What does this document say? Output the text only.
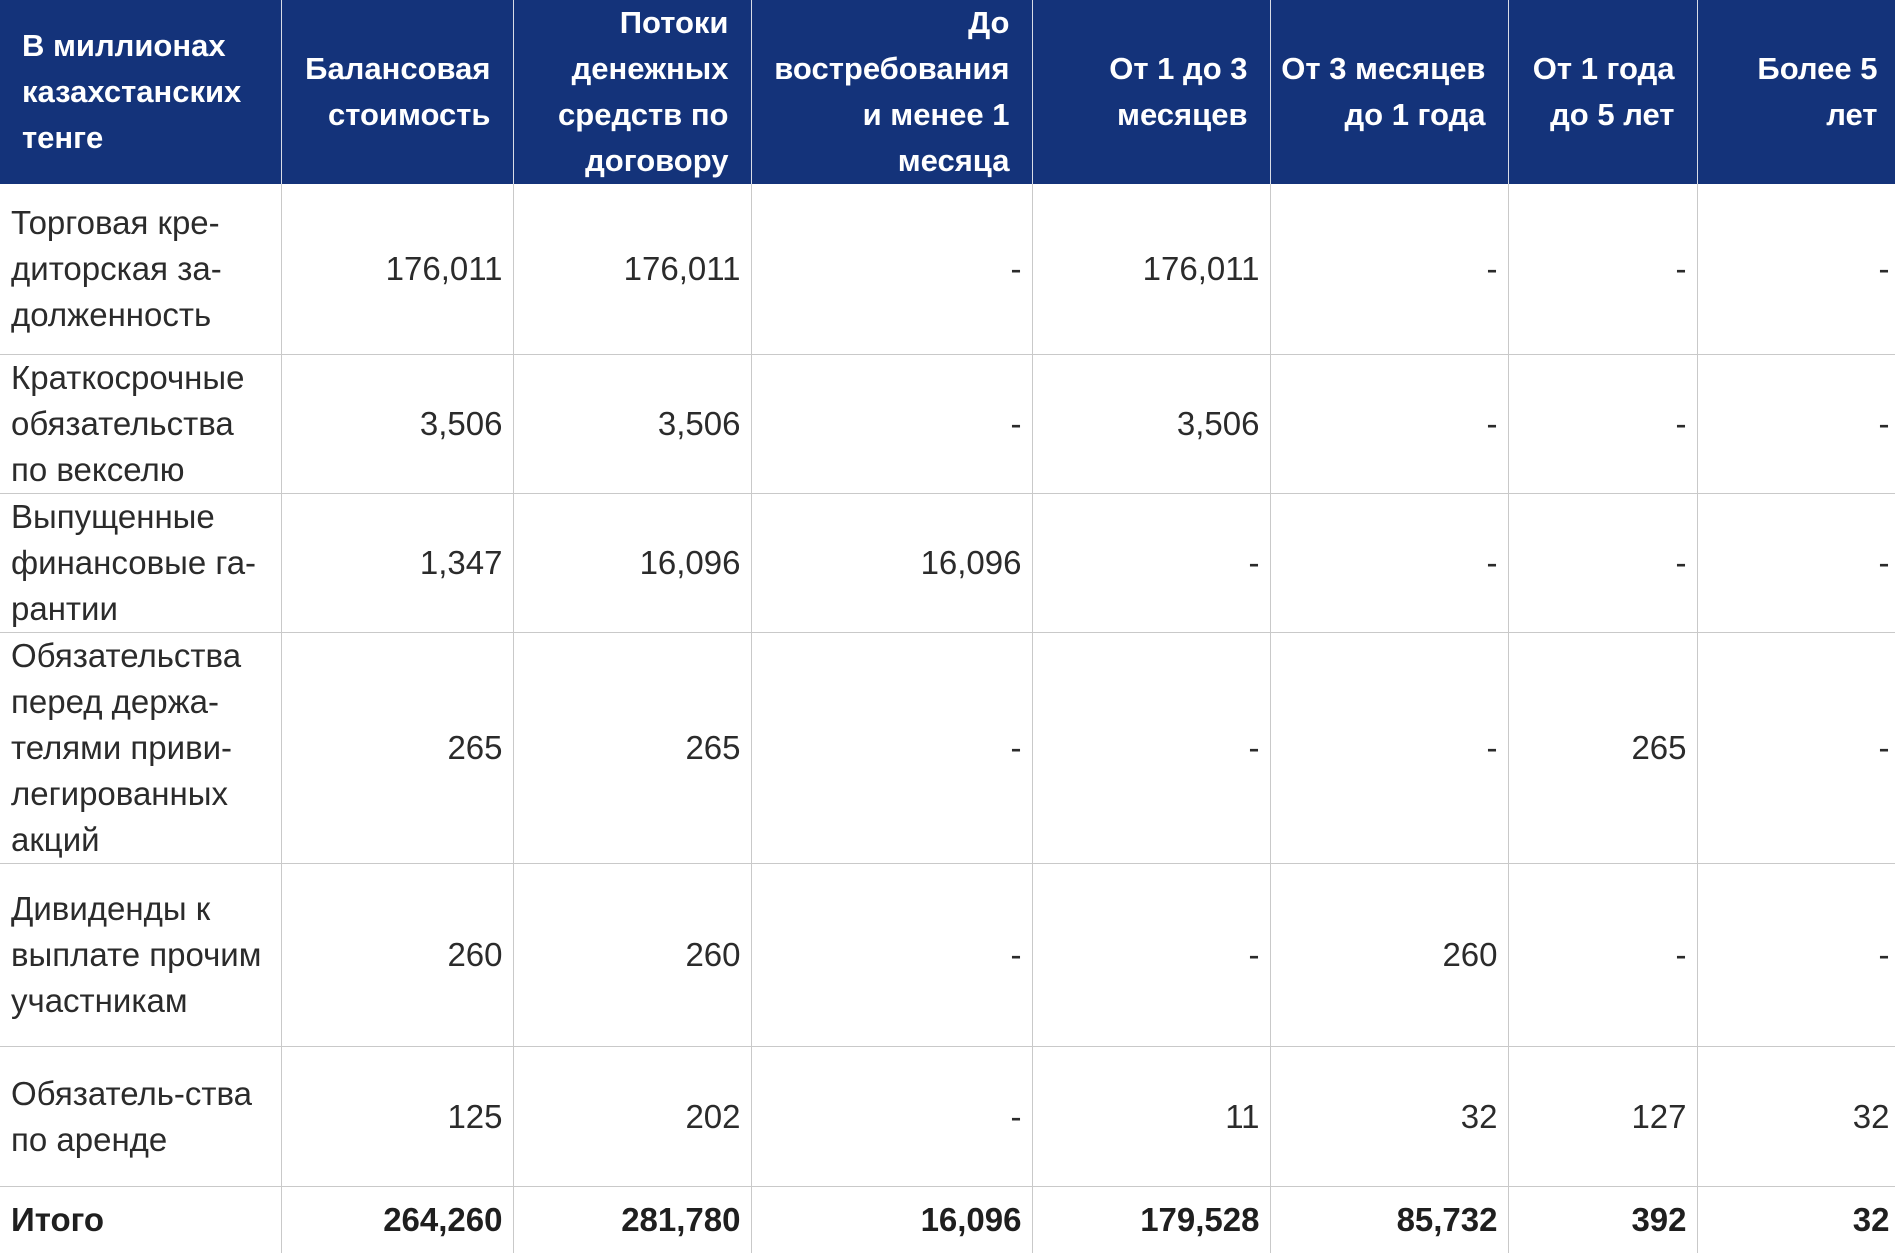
В миллионах казахстанских тенге	Балансовая стоимость	Потоки денежных средств по договору	До востребования и менее 1 месяца	От 1 до 3 месяцев	От 3 месяцев до 1 года	От 1 года до 5 лет	Более 5 лет
Торговая кредиторская задолженность	176,011	176,011	-	176,011	-	-	-
Краткосрочные обязательства по векселю	3,506	3,506	-	3,506	-	-	-
Выпущенные финансовые гарантии	1,347	16,096	16,096	-	-	-	-
Обязательства перед держателями привилегированных акций	265	265	-	-	-	265	-
Дивиденды к выплате прочим участникам	260	260	-	-	260	-	-
Обязатель-ства по аренде	125	202	-	11	32	127	32
Итого	264,260	281,780	16,096	179,528	85,732	392	32
